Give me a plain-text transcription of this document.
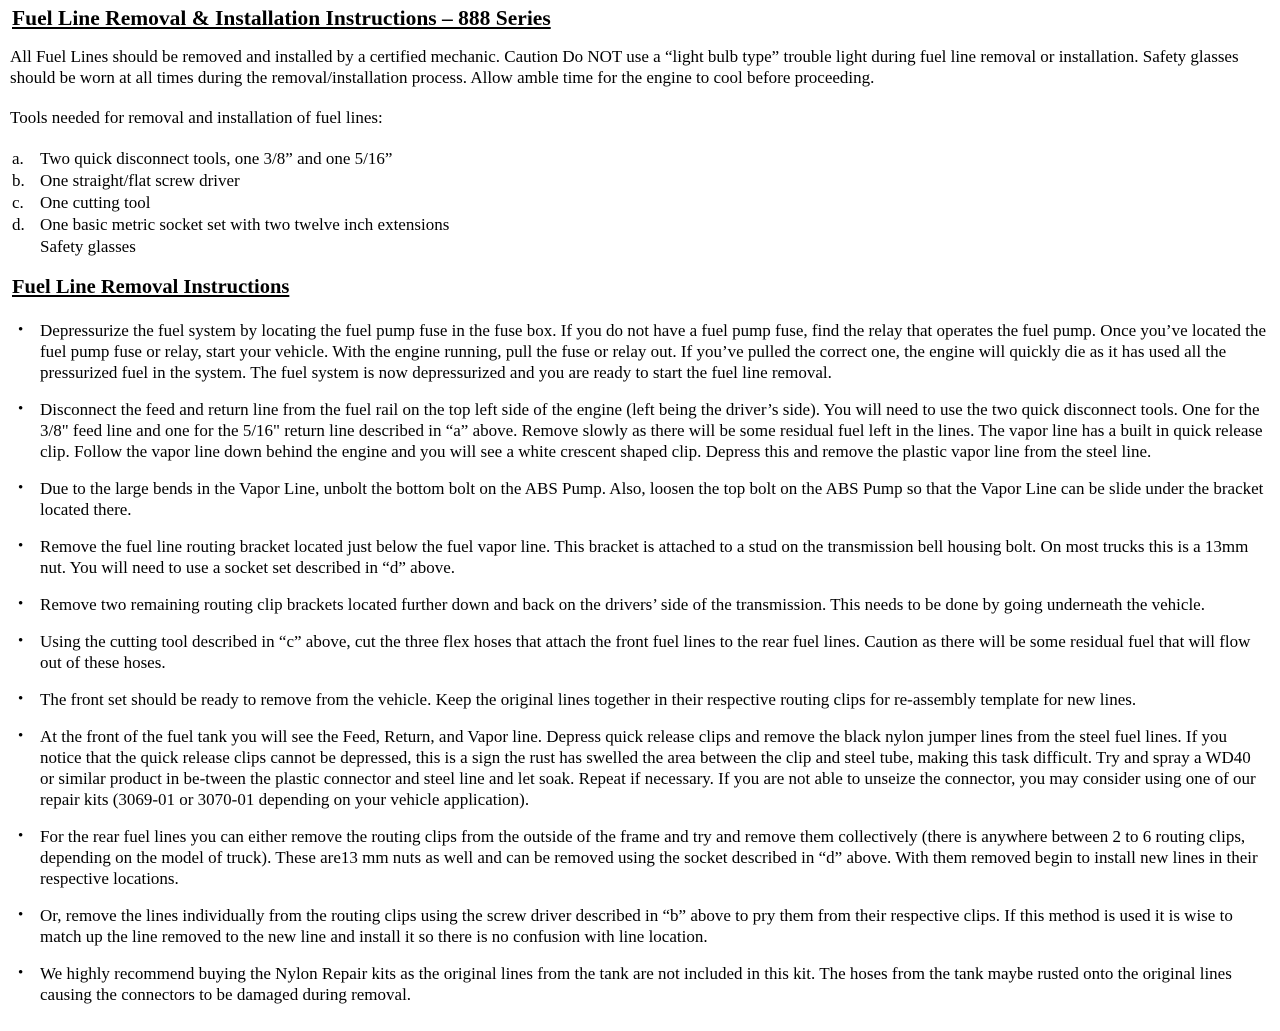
Fuel Line Removal & Installation Instructions – 888 Series

All Fuel Lines should be removed and installed by a certified mechanic. Caution Do NOT use a “light bulb type” trouble light during fuel line removal or installation. Safety glasses should be worn at all times during the removal/installation process. Allow amble time for the engine to cool before proceeding.

Tools needed for removal and installation of fuel lines:

a. Two quick disconnect tools, one 3/8” and one 5/16”
b. One straight/flat screw driver
c. One cutting tool
d. One basic metric socket set with two twelve inch extensions
Safety glasses
Fuel Line Removal Instructions
• Depressurize the fuel system by locating the fuel pump fuse in the fuse box. If you do not have a fuel pump fuse, find the relay that operates the fuel pump. Once you’ve located the fuel pump fuse or relay, start your vehicle. With the engine running, pull the fuse or relay out. If you’ve pulled the correct one, the engine will quickly die as it has used all the pressurized fuel in the system. The fuel system is now depressurized and you are ready to start the fuel line removal.
• Disconnect the feed and return line from the fuel rail on the top left side of the engine (left being the driver’s side). You will need to use the two quick disconnect tools. One for the 3/8" feed line and one for the 5/16" return line described in “a” above. Remove slowly as there will be some residual fuel left in the lines. The vapor line has a built in quick release clip. Follow the vapor line down behind the engine and you will see a white crescent shaped clip. Depress this and remove the plastic vapor line from the steel line.
• Due to the large bends in the Vapor Line, unbolt the bottom bolt on the ABS Pump. Also, loosen the top bolt on the ABS Pump so that the Vapor Line can be slide under the bracket located there.
• Remove the fuel line routing bracket located just below the fuel vapor line. This bracket is attached to a stud on the transmission bell housing bolt. On most trucks this is a 13mm nut. You will need to use a socket set described in “d” above.
• Remove two remaining routing clip brackets located further down and back on the drivers’ side of the transmission. This needs to be done by going underneath the vehicle.
• Using the cutting tool described in “c” above, cut the three flex hoses that attach the front fuel lines to the rear fuel lines. Caution as there will be some residual fuel that will flow out of these hoses.
• The front set should be ready to remove from the vehicle. Keep the original lines together in their respective routing clips for re-assembly template for new lines.
• At the front of the fuel tank you will see the Feed, Return, and Vapor line. Depress quick release clips and remove the black nylon jumper lines from the steel fuel lines. If you notice that the quick release clips cannot be depressed, this is a sign the rust has swelled the area between the clip and steel tube, making this task difficult. Try and spray a WD40 or similar product in be-tween the plastic connector and steel line and let soak. Repeat if necessary. If you are not able to unseize the connector, you may consider using one of our repair kits (3069-01 or 3070-01 depending on your vehicle application).
• For the rear fuel lines you can either remove the routing clips from the outside of the frame and try and remove them collectively (there is anywhere between 2 to 6 routing clips, depending on the model of truck). These are13 mm nuts as well and can be removed using the socket described in “d” above. With them removed begin to install new lines in their respective locations.
• Or, remove the lines individually from the routing clips using the screw driver described in “b” above to pry them from their respective clips. If this method is used it is wise to match up the line removed to the new line and install it so there is no confusion with line location.
• We highly recommend buying the Nylon Repair kits as the original lines from the tank are not included in this kit. The hoses from the tank maybe rusted onto the original lines causing the connectors to be damaged during removal.
